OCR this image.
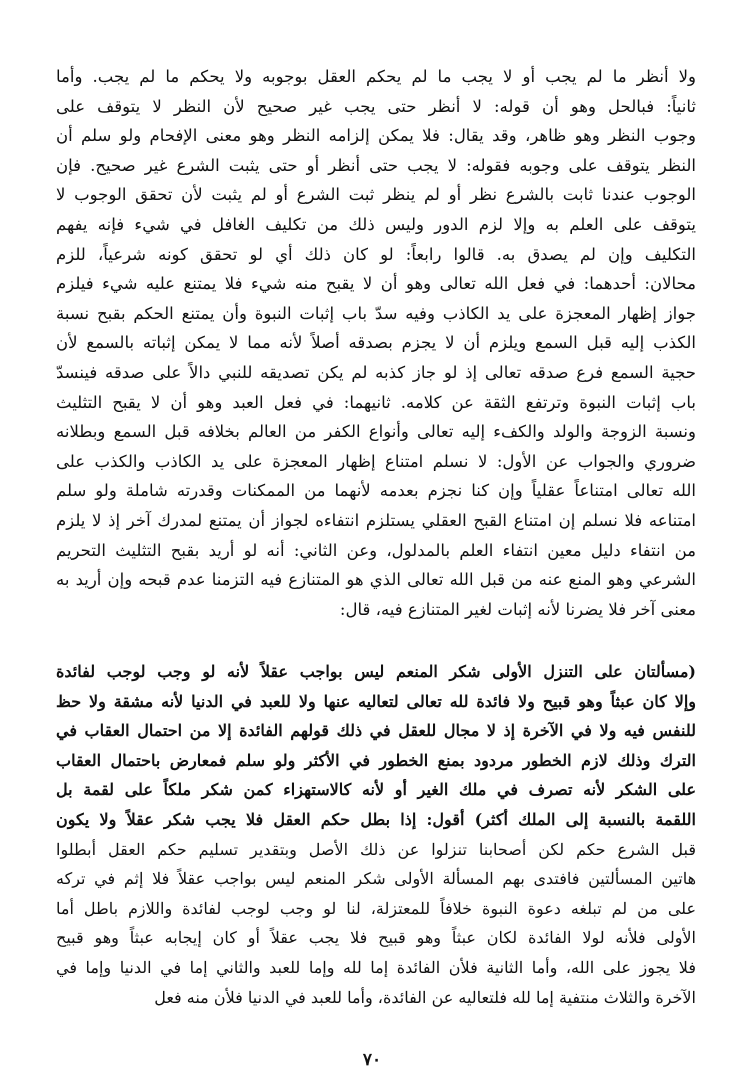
ولا أنظر ما لم يجب أو لا يجب ما لم يحكم العقل بوجوبه ولا يحكم ما لم يجب. وأما
ثانياً: فبالحل وهو أن قوله: لا أنظر حتى يجب غير صحيح لأن النظر لا يتوقف على
وجوب النظر وهو ظاهر، وقد يقال: فلا يمكن إلزامه النظر وهو معنى الإفحام ولو سلم أن
النظر يتوقف على وجوبه فقوله: لا يجب حتى أنظر أو حتى يثبت الشرع غير صحيح. فإن
الوجوب عندنا ثابت بالشرع نظر أو لم ينظر ثبت الشرع أو لم يثبت لأن تحقق الوجوب لا
يتوقف على العلم به وإلا لزم الدور وليس ذلك من تكليف الغافل في شيء فإنه يفهم
التكليف وإن لم يصدق به. قالوا رابعاً: لو كان ذلك أي لو تحقق كونه شرعياً، للزم
محالان: أحدهما: في فعل الله تعالى وهو أن لا يقبح منه شيء فلا يمتنع عليه شيء فيلزم
جواز إظهار المعجزة على يد الكاذب وفيه سدّ باب إثبات النبوة وأن يمتنع الحكم بقبح نسبة
الكذب إليه قبل السمع ويلزم أن لا يجزم بصدقه أصلاً لأنه مما لا يمكن إثباته بالسمع لأن
حجية السمع فرع صدقه تعالى إذ لو جاز كذبه لم يكن تصديقه للنبي دالاً على صدقه فينسدّ
باب إثبات النبوة وترتفع الثقة عن كلامه. ثانيهما: في فعل العبد وهو أن لا يقبح التثليث
ونسبة الزوجة والولد والكفء إليه تعالى وأنواع الكفر من العالم بخلافه قبل السمع وبطلانه
ضروري والجواب عن الأول: لا نسلم امتناع إظهار المعجزة على يد الكاذب والكذب على
الله تعالى امتناعاً عقلياً وإن كنا نجزم بعدمه لأنهما من الممكنات وقدرته شاملة ولو سلم
امتناعه فلا نسلم إن امتناع القبح العقلي يستلزم انتفاءه لجواز أن يمتنع لمدرك آخر إذ لا يلزم
من انتفاء دليل معين انتفاء العلم بالمدلول، وعن الثاني: أنه لو أريد بقبح التثليث التحريم
الشرعي وهو المنع عنه من قبل الله تعالى الذي هو المتنازع فيه التزمنا عدم قبحه وإن أريد به
معنى آخر فلا يضرنا لأنه إثبات لغير المتنازع فيه، قال:
(مسألتان على التنزل الأولى شكر المنعم ليس بواجب عقلاً لأنه لو وجب لوجب لفائدة
وإلا كان عبثاً وهو قبيح ولا فائدة لله تعالى لتعاليه عنها ولا للعبد في الدنيا لأنه مشقة ولا حظ
للنفس فيه ولا في الآخرة إذ لا مجال للعقل في ذلك قولهم الفائدة إلا من احتمال العقاب في
الترك وذلك لازم الخطور مردود بمنع الخطور في الأكثر ولو سلم فمعارض باحتمال العقاب
على الشكر لأنه تصرف في ملك الغير أو لأنه كالاستهزاء كمن شكر ملكاً على لقمة بل
اللقمة بالنسبة إلى الملك أكثر) أقول: إذا بطل حكم العقل فلا يجب شكر عقلاً ولا يكون
قبل الشرع حكم لكن أصحابنا تنزلوا عن ذلك الأصل وبتقدير تسليم حكم العقل أبطلوا
هاتين المسألتين فافتدى بهم المسألة الأولى شكر المنعم ليس بواجب عقلاً فلا إثم في تركه
على من لم تبلغه دعوة النبوة خلافاً للمعتزلة، لنا لو وجب لوجب لفائدة واللازم باطل أما
الأولى فلأنه لولا الفائدة لكان عبثاً وهو قبيح فلا يجب عقلاً أو كان إيجابه عبثاً وهو قبيح
فلا يجوز على الله، وأما الثانية فلأن الفائدة إما لله وإما للعبد والثاني إما في الدنيا وإما في
الآخرة والثلاث منتفية إما لله فلتعاليه عن الفائدة، وأما للعبد في الدنيا فلأن منه فعل
٧٠
